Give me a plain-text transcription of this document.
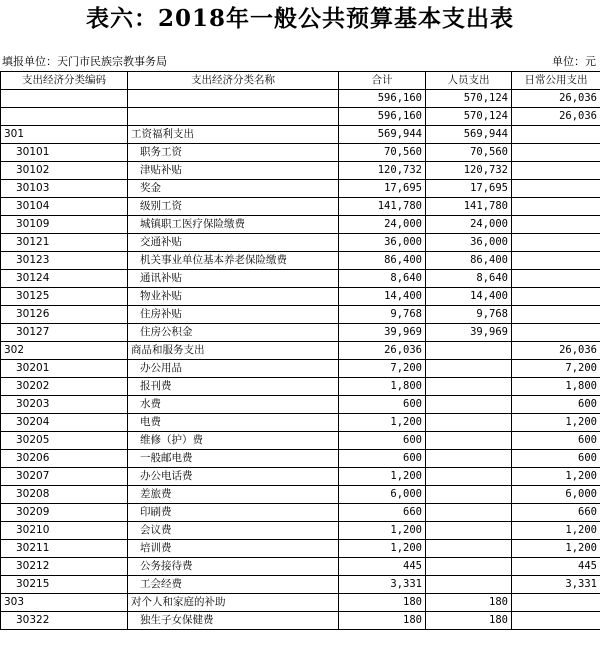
表六：2018年一般公共预算基本支出表
填报单位：天门市民族宗教事务局	单位：元
支出经济分类编码	支出经济分类名称	合计	人员支出	日常公用支出
		596,160	570,124	26,036
		596,160	570,124	26,036
301	工资福利支出	569,944	569,944	
30101	职务工资	70,560	70,560	
30102	津贴补贴	120,732	120,732	
30103	奖金	17,695	17,695	
30104	级别工资	141,780	141,780	
30109	城镇职工医疗保险缴费	24,000	24,000	
30121	交通补贴	36,000	36,000	
30123	机关事业单位基本养老保险缴费	86,400	86,400	
30124	通讯补贴	8,640	8,640	
30125	物业补贴	14,400	14,400	
30126	住房补贴	9,768	9,768	
30127	住房公积金	39,969	39,969	
302	商品和服务支出	26,036		26,036
30201	办公用品	7,200		7,200
30202	报刊费	1,800		1,800
30203	水费	600		600
30204	电费	1,200		1,200
30205	维修（护）费	600		600
30206	一般邮电费	600		600
30207	办公电话费	1,200		1,200
30208	差旅费	6,000		6,000
30209	印刷费	660		660
30210	会议费	1,200		1,200
30211	培训费	1,200		1,200
30212	公务接待费	445		445
30215	工会经费	3,331		3,331
303	对个人和家庭的补助	180	180	
30322	独生子女保健费	180	180	
